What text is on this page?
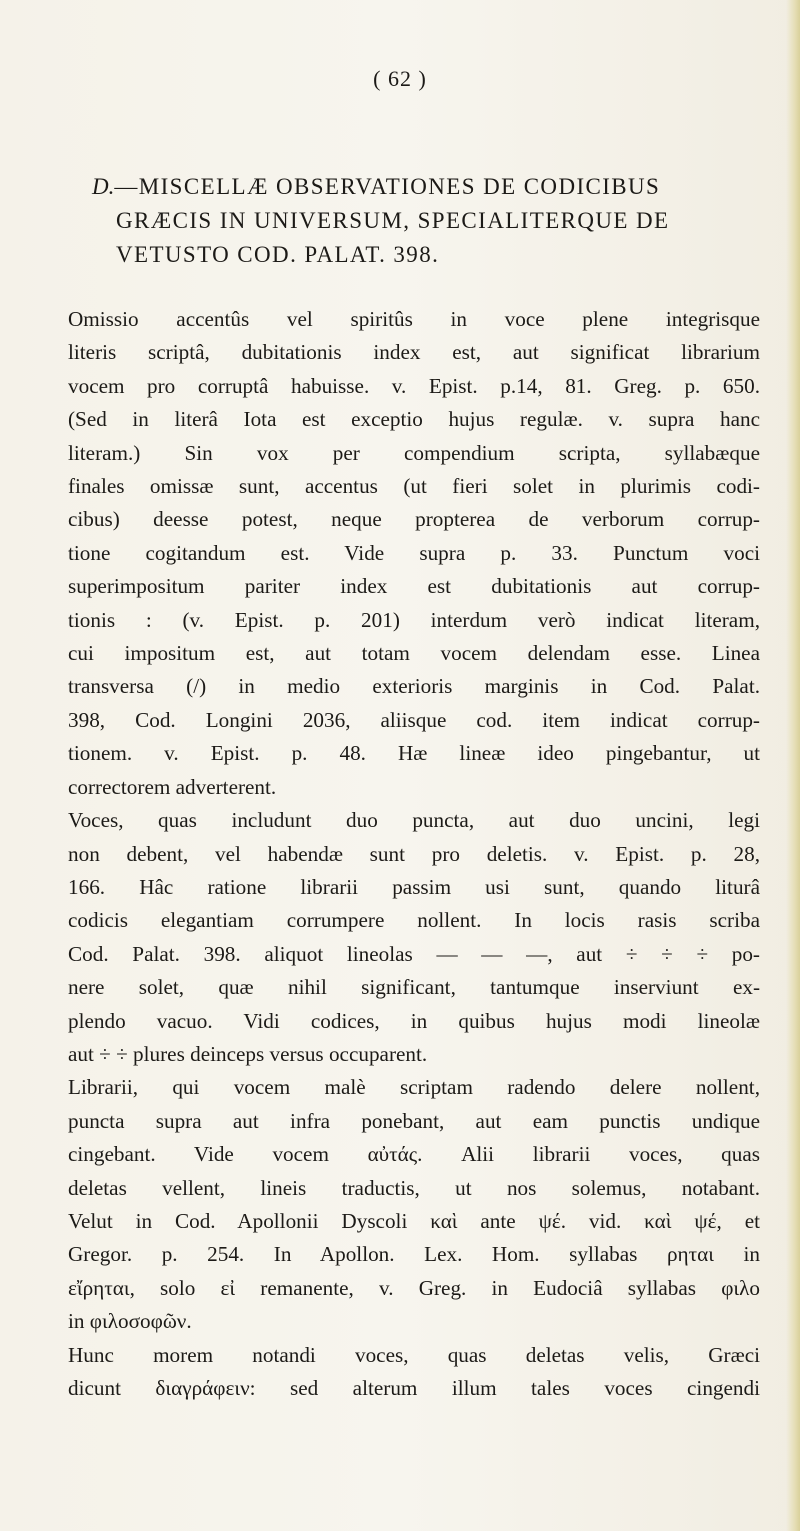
( 62 )
D.—MISCELLÆ OBSERVATIONES DE CODICIBUS
GRÆCIS IN UNIVERSUM, SPECIALITERQUE DE
VETUSTO COD. PALAT. 398.
Omissio accentûs vel spiritûs in voce plene integrisque
literis scriptâ, dubitationis index est, aut significat librarium
vocem pro corruptâ habuisse. v. Epist. p.14, 81. Greg. p. 650.
(Sed in literâ Iota est exceptio hujus regulæ. v. supra hanc
literam.) Sin vox per compendium scripta, syllabæque
finales omissæ sunt, accentus (ut fieri solet in plurimis codi-
cibus) deesse potest, neque propterea de verborum corrup-
tione cogitandum est. Vide supra p. 33. Punctum voci
superimpositum pariter index est dubitationis aut corrup-
tionis : (v. Epist. p. 201) interdum verò indicat literam,
cui impositum est, aut totam vocem delendam esse. Linea
transversa (/) in medio exterioris marginis in Cod. Palat.
398, Cod. Longini 2036, aliisque cod. item indicat corrup-
tionem. v. Epist. p. 48. Hæ lineæ ideo pingebantur, ut
correctorem adverterent.
Voces, quas includunt duo puncta, aut duo uncini, legi
non debent, vel habendæ sunt pro deletis. v. Epist. p. 28,
166. Hâc ratione librarii passim usi sunt, quando liturâ
codicis elegantiam corrumpere nollent. In locis rasis scriba
Cod. Palat. 398. aliquot lineolas — — —, aut ÷ ÷ ÷ po-
nere solet, quæ nihil significant, tantumque inserviunt ex-
plendo vacuo. Vidi codices, in quibus hujus modi lineolæ
aut ÷ ÷ plures deinceps versus occuparent.
Librarii, qui vocem malè scriptam radendo delere nollent,
puncta supra aut infra ponebant, aut eam punctis undique
cingebant. Vide vocem αὐτάς. Alii librarii voces, quas
deletas vellent, lineis traductis, ut nos solemus, notabant.
Velut in Cod. Apollonii Dyscoli καὶ ante ψέ. vid. καὶ ψέ, et
Gregor. p. 254. In Apollon. Lex. Hom. syllabas ρηται in
εἴρηται, solo εἰ remanente, v. Greg. in Eudociâ syllabas φιλο
in φιλοσοφῶν.
Hunc morem notandi voces, quas deletas velis, Græci
dicunt διαγράφειν: sed alterum illum tales voces cingendi
